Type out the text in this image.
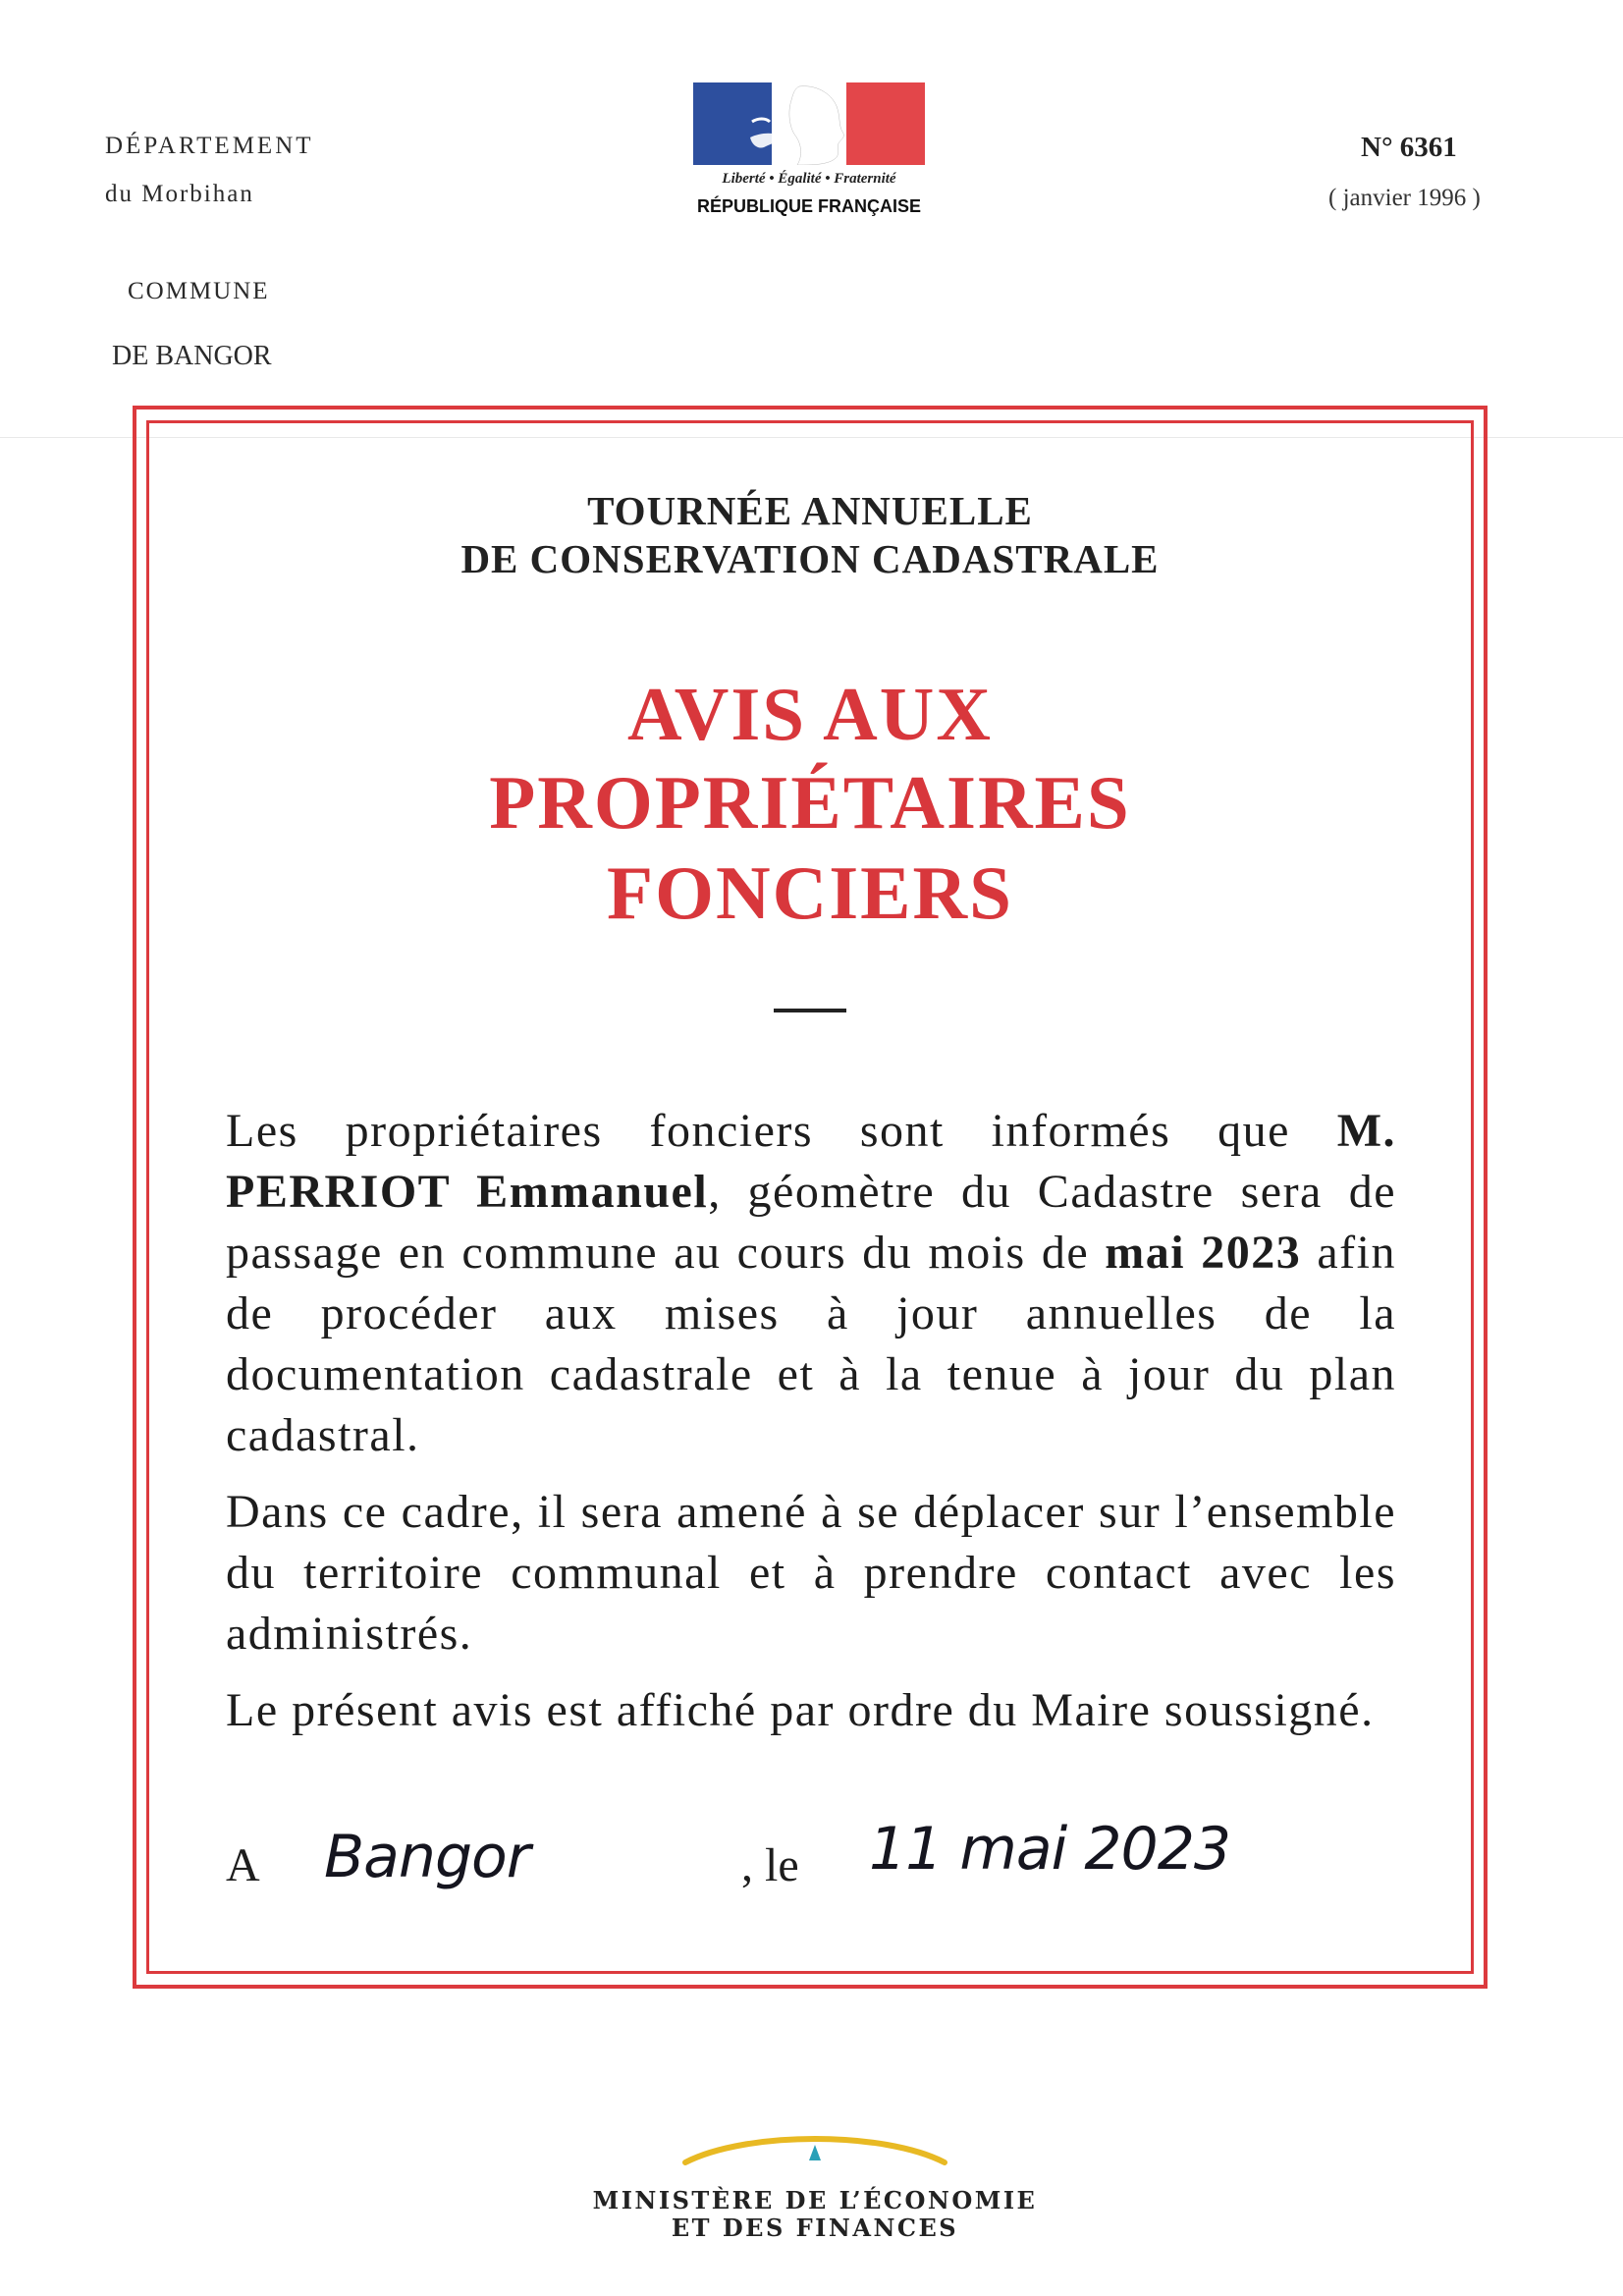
DÉPARTEMENT
du Morbihan
COMMUNE
DE BANGOR
N° 6361
( janvier 1996 )
Liberté • Égalité • Fraternité
RÉPUBLIQUE FRANÇAISE
TOURNÉE ANNUELLE
DE CONSERVATION CADASTRALE
AVIS AUX
PROPRIÉTAIRES
FONCIERS
Les propriétaires fonciers sont informés que M. PERRIOT Emmanuel, géomètre du Cadastre sera de passage en commune au cours du mois de mai 2023 afin de procéder aux mises à jour annuelles de la documentation cadastrale et à la tenue à jour du plan cadastral.
Dans ce cadre, il sera amené à se déplacer sur l’ensemble du territoire communal et à prendre contact avec les administrés.
Le présent avis est affiché par ordre du Maire soussigné.
A Bangor	, le 11 mai 2023
MINISTÈRE DE L’ÉCONOMIE
ET DES FINANCES
